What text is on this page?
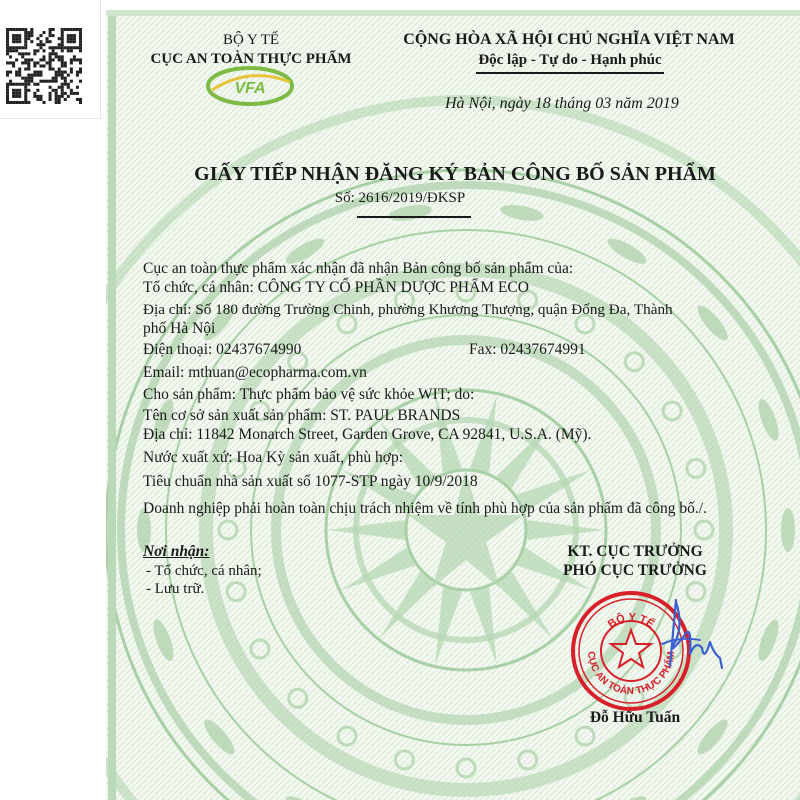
BỘ Y TẾ
CỤC AN TOÀN THỰC PHẨM
VFA
CỘNG HÒA XÃ HỘI CHỦ NGHĨA VIỆT NAM
Độc lập - Tự do - Hạnh phúc
Hà Nội, ngày 18 tháng 03 năm 2019
GIẤY TIẾP NHẬN ĐĂNG KÝ BẢN CÔNG BỐ SẢN PHẨM
Số: 2616/2019/ĐKSP
Cục an toàn thực phẩm xác nhận đã nhận Bản công bố sản phẩm của:
Tổ chức, cá nhân: CÔNG TY CỔ PHẦN DƯỢC PHẨM ECO
Địa chỉ: Số 180 đường Trường Chinh, phường Khương Thượng, quận Đống Đa, Thành
phố Hà Nội
Điện thoại: 02437674990	Fax: 02437674991
Email: mthuan@ecopharma.com.vn
Cho sản phẩm: Thực phẩm bảo vệ sức khỏe WIT; do:
Tên cơ sở sản xuất sản phẩm: ST. PAUL BRANDS
Địa chỉ: 11842 Monarch Street, Garden Grove, CA 92841, U.S.A. (Mỹ).
Nước xuất xứ: Hoa Kỳ sản xuất, phù hợp:
Tiêu chuẩn nhà sản xuất số 1077-STP ngày 10/9/2018
Doanh nghiệp phải hoàn toàn chịu trách nhiệm về tính phù hợp của sản phẩm đã công bố./.
Nơi nhận:
- Tổ chức, cá nhân;
- Lưu trữ.
KT. CỤC TRƯỞNG
PHÓ CỤC TRƯỞNG
BỘ Y TẾ
CỤC AN TOÀN THỰC PHẨM
Đỗ Hữu Tuấn
